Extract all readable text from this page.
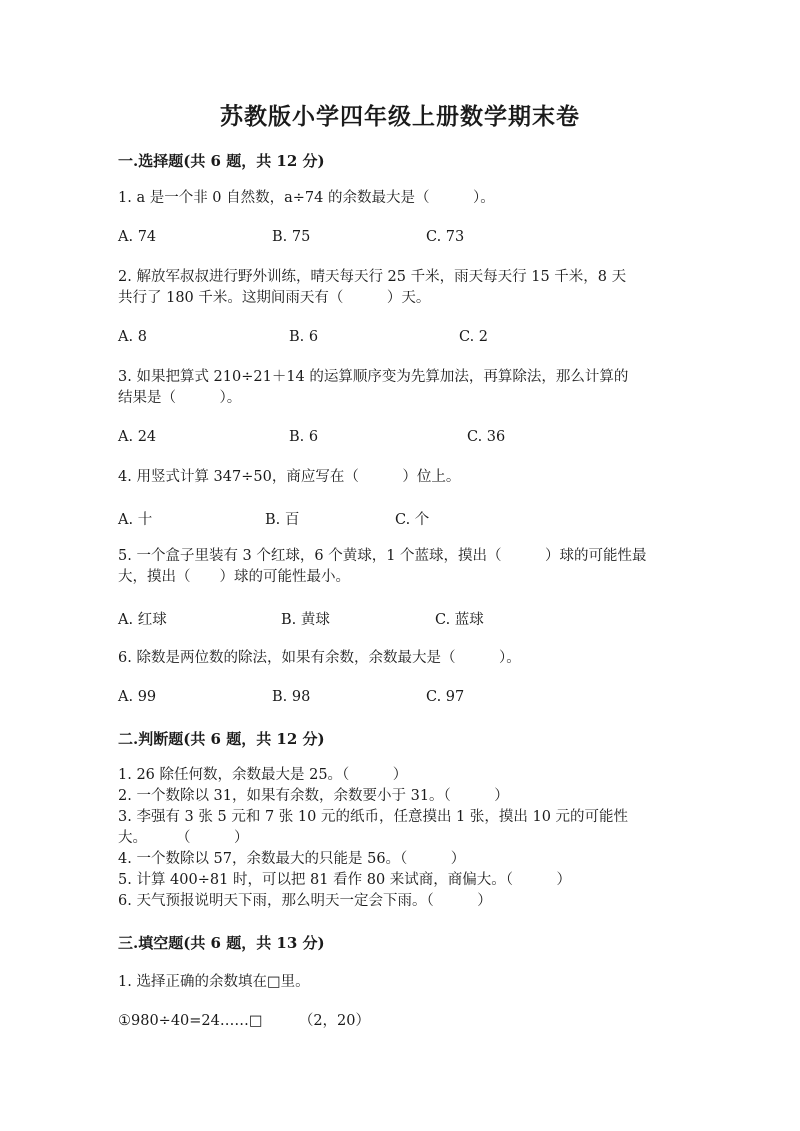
苏教版小学四年级上册数学期末卷
一.选择题(共 6 题，共 12 分)
1. a 是一个非 0 自然数，a÷74 的余数最大是（　　　）。
A. 74	B. 75	C. 73
2. 解放军叔叔进行野外训练，晴天每天行 25 千米，雨天每天行 15 千米，8 天
共行了 180 千米。这期间雨天有（　　　）天。
A. 8	B. 6	C. 2
3. 如果把算式 210÷21＋14 的运算顺序变为先算加法，再算除法，那么计算的
结果是（　　　）。
A. 24	B. 6	C. 36
4. 用竖式计算 347÷50，商应写在（　　　）位上。
A. 十	B. 百	C. 个
5. 一个盒子里装有 3 个红球，6 个黄球，1 个蓝球，摸出（　　　）球的可能性最
大，摸出（　　）球的可能性最小。
A. 红球	B. 黄球	C. 蓝球
6. 除数是两位数的除法，如果有余数，余数最大是（　　　）。
A. 99	B. 98	C. 97
二.判断题(共 6 题，共 12 分)
1. 26 除任何数，余数最大是 25。（　　　）
2. 一个数除以 31，如果有余数，余数要小于 31。（　　　）
3. 李强有 3 张 5 元和 7 张 10 元的纸币，任意摸出 1 张，摸出 10 元的可能性
大。　　　（　　　）
4. 一个数除以 57，余数最大的只能是 56。（　　　）
5. 计算 400÷81 时，可以把 81 看作 80 来试商，商偏大。（　　　）
6. 天气预报说明天下雨，那么明天一定会下雨。（　　　）
三.填空题(共 6 题，共 13 分)
1. 选择正确的余数填在□里。
①980÷40=24……□　　　（2，20）
